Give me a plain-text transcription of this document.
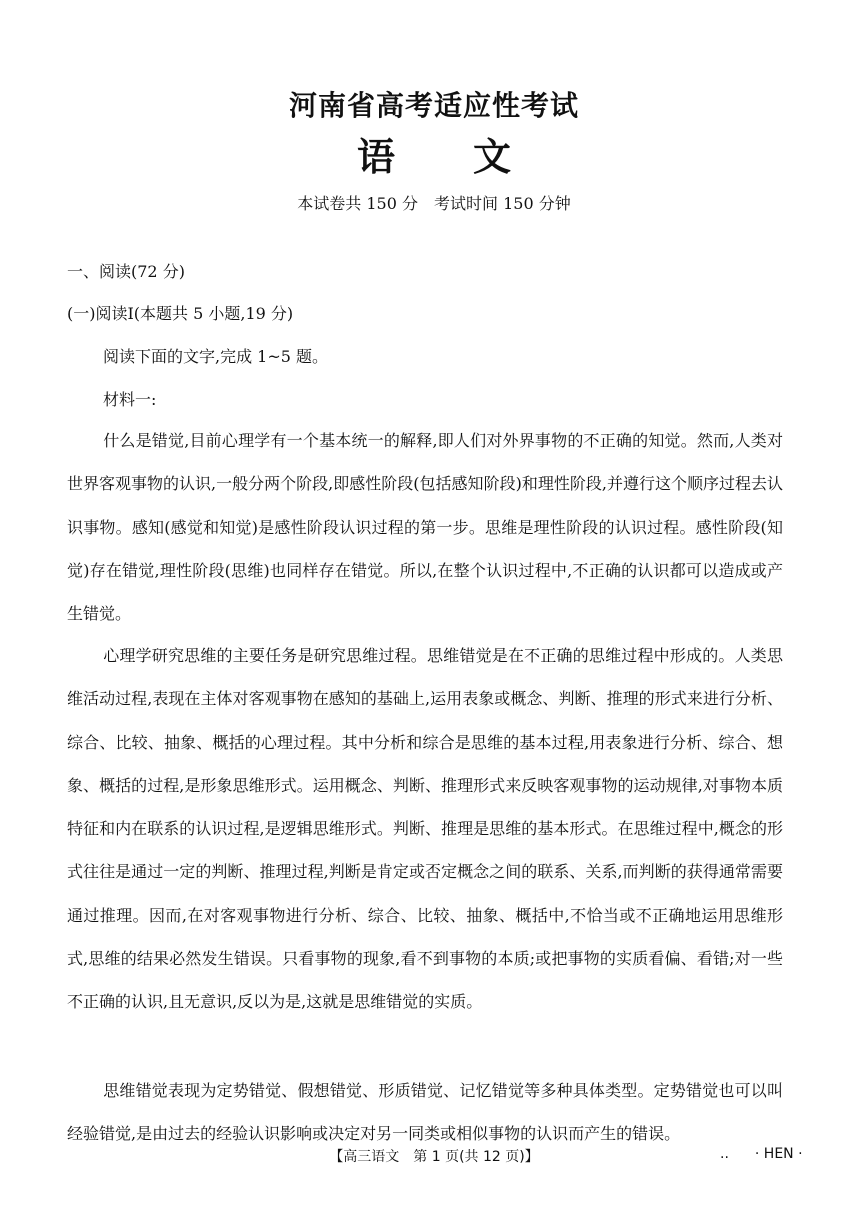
河南省高考适应性考试
语 文
本试卷共 150 分 考试时间 150 分钟
一、阅读(72 分)
(一)阅读Ⅰ(本题共 5 小题,19 分)
阅读下面的文字,完成 1~5 题。
材料一:

什么是错觉,目前心理学有一个基本统一的解释,即人们对外界事物的不正确的知觉。然而,人类对世界客观事物的认识,一般分两个阶段,即感性阶段(包括感知阶段)和理性阶段,并遵行这个顺序过程去认识事物。感知(感觉和知觉)是感性阶段认识过程的第一步。思维是理性阶段的认识过程。感性阶段(知觉)存在错觉,理性阶段(思维)也同样存在错觉。所以,在整个认识过程中,不正确的认识都可以造成或产生错觉。

心理学研究思维的主要任务是研究思维过程。思维错觉是在不正确的思维过程中形成的。人类思维活动过程,表现在主体对客观事物在感知的基础上,运用表象或概念、判断、推理的形式来进行分析、综合、比较、抽象、概括的心理过程。其中分析和综合是思维的基本过程,用表象进行分析、综合、想象、概括的过程,是形象思维形式。运用概念、判断、推理形式来反映客观事物的运动规律,对事物本质特征和内在联系的认识过程,是逻辑思维形式。判断、推理是思维的基本形式。在思维过程中,概念的形式往往是通过一定的判断、推理过程,判断是肯定或否定概念之间的联系、关系,而判断的获得通常需要通过推理。因而,在对客观事物进行分析、综合、比较、抽象、概括中,不恰当或不正确地运用思维形式,思维的结果必然发生错误。只看事物的现象,看不到事物的本质;或把事物的实质看偏、看错;对一些不正确的认识,且无意识,反以为是,这就是思维错觉的实质。

思维错觉表现为定势错觉、假想错觉、形质错觉、记忆错觉等多种具体类型。定势错觉也可以叫经验错觉,是由过去的经验认识影响或决定对另一同类或相似事物的认识而产生的错误。

【高三语文　第 1 页(共 12 页)】	.. · HEN ·
